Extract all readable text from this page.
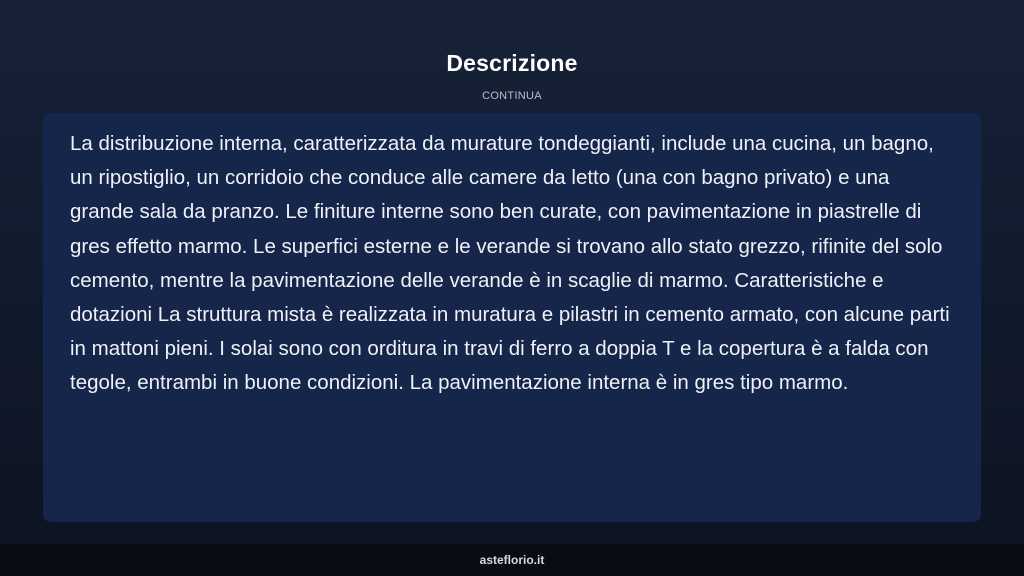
Descrizione
CONTINUA

La distribuzione interna, caratterizzata da murature tondeggianti, include una cucina, un bagno, un ripostiglio, un corridoio che conduce alle camere da letto (una con bagno privato) e una grande sala da pranzo. Le finiture interne sono ben curate, con pavimentazione in piastrelle di gres effetto marmo. Le superfici esterne e le verande si trovano allo stato grezzo, rifinite del solo cemento, mentre la pavimentazione delle verande è in scaglie di marmo. Caratteristiche e dotazioni La struttura mista è realizzata in muratura e pilastri in cemento armato, con alcune parti in mattoni pieni. I solai sono con orditura in travi di ferro a doppia T e la copertura è a falda con tegole, entrambi in buone condizioni. La pavimentazione interna è in gres tipo marmo.

asteflorio.it
